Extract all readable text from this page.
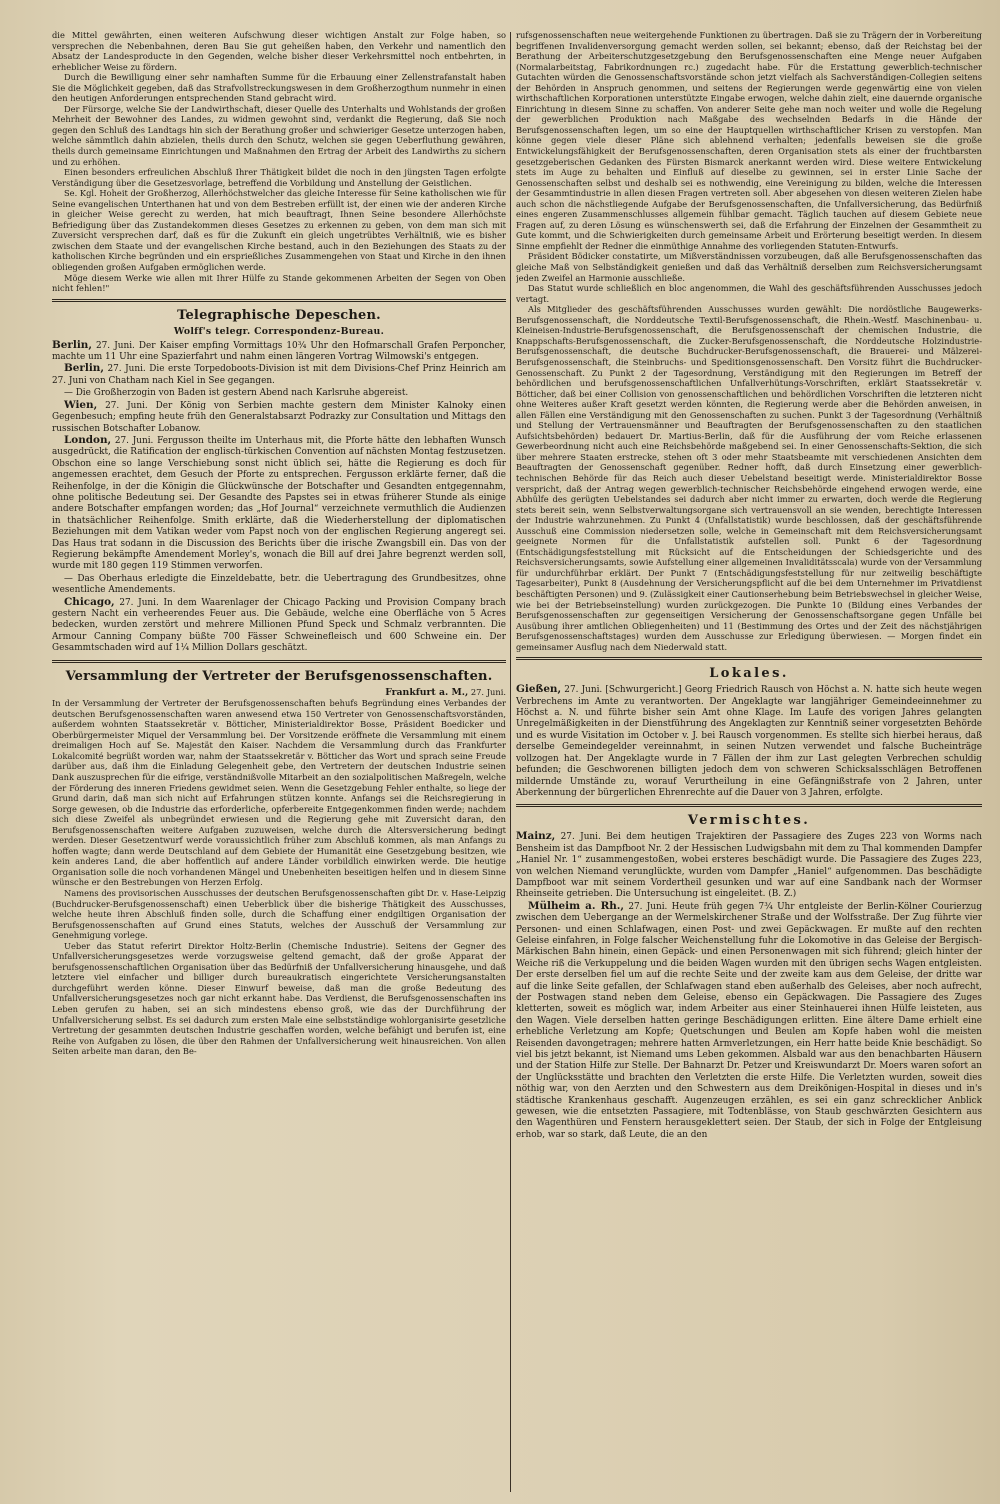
die Mittel gewährten, einen weiteren Aufschwung dieser wichtigen Anstalt zur Folge haben, so versprechen die Nebenbahnen, deren Bau Sie gut geheißen haben, den Verkehr und namentlich den Absatz der Landesproducte in den Gegenden, welche bisher dieser Verkehrsmittel noch entbehrten, in erheblicher Weise zu fördern.

Durch die Bewilligung einer sehr namhaften Summe für die Erbauung einer Zellenstrafanstalt haben Sie die Möglichkeit gegeben, daß das Strafvollstreckungswesen in dem Großherzogthum nunmehr in einen den heutigen Anforderungen entsprechenden Stand gebracht wird.

Der Fürsorge, welche Sie der Landwirthschaft, dieser Quelle des Unterhalts und Wohlstands der großen Mehrheit der Bewohner des Landes, zu widmen gewohnt sind, verdankt die Regierung, daß Sie noch gegen den Schluß des Landtags hin sich der Berathung großer und schwieriger Gesetze unterzogen haben, welche sämmtlich dahin abzielen, theils durch den Schutz, welchen sie gegen Ueberfluthung gewähren, theils durch gemeinsame Einrichtungen und Maßnahmen den Ertrag der Arbeit des Landwirths zu sichern und zu erhöhen.

Einen besonders erfreulichen Abschluß Ihrer Thätigkeit bildet die noch in den jüngsten Tagen erfolgte Verständigung über die Gesetzesvorlage, betreffend die Vorbildung und Anstellung der Geistlichen.

Se. Kgl. Hoheit der Großherzog, Allerhöchstwelcher das gleiche Interesse für Seine katholischen wie für Seine evangelischen Unterthanen hat und von dem Bestreben erfüllt ist, der einen wie der anderen Kirche in gleicher Weise gerecht zu werden, hat mich beauftragt, Ihnen Seine besondere Allerhöchste Befriedigung über das Zustandekommen dieses Gesetzes zu erkennen zu geben, von dem man sich mit Zuversicht versprechen darf, daß es für die Zukunft ein gleich ungetrübtes Verhältniß, wie es bisher zwischen dem Staate und der evangelischen Kirche bestand, auch in den Beziehungen des Staats zu der katholischen Kirche begründen und ein ersprießliches Zusammengehen von Staat und Kirche in den ihnen obliegenden großen Aufgaben ermöglichen werde.

Möge diesem Werke wie allen mit Ihrer Hülfe zu Stande gekommenen Arbeiten der Segen von Oben nicht fehlen!"

Telegraphische Depeschen.
Wolff's telegr. Correspondenz-Bureau.

Berlin, 27. Juni. Der Kaiser empfing Vormittags 10¾ Uhr den Hofmarschall Grafen Perponcher, machte um 11 Uhr eine Spazierfahrt und nahm einen längeren Vortrag Wilmowski's entgegen.

Berlin, 27. Juni. Die erste Torpedoboots-Division ist mit dem Divisions-Chef Prinz Heinrich am 27. Juni von Chatham nach Kiel in See gegangen.

— Die Großherzogin von Baden ist gestern Abend nach Karlsruhe abgereist.

Wien, 27. Juni. Der König von Serbien machte gestern dem Minister Kalnoky einen Gegenbesuch; empfing heute früh den Generalstabsarzt Podrazky zur Consultation und Mittags den russischen Botschafter Lobanow.

London, 27. Juni. Fergusson theilte im Unterhaus mit, die Pforte hätte den lebhaften Wunsch ausgedrückt, die Ratification der englisch-türkischen Convention auf nächsten Montag festzusetzen. Obschon eine so lange Verschiebung sonst nicht üblich sei, hätte die Regierung es doch für angemessen erachtet, dem Gesuch der Pforte zu entsprechen. Fergusson erklärte ferner, daß die Reihenfolge, in der die Königin die Glückwünsche der Botschafter und Gesandten entgegennahm, ohne politische Bedeutung sei. Der Gesandte des Papstes sei in etwas früherer Stunde als einige andere Botschafter empfangen worden; das „Hof Journal“ verzeichnete vermuthlich die Audienzen in thatsächlicher Reihenfolge. Smith erklärte, daß die Wiederherstellung der diplomatischen Beziehungen mit dem Vatikan weder vom Papst noch von der englischen Regierung angeregt sei. Das Haus trat sodann in die Discussion des Berichts über die irische Zwangsbill ein. Das von der Regierung bekämpfte Amendement Morley's, wonach die Bill auf drei Jahre begrenzt werden soll, wurde mit 180 gegen 119 Stimmen verworfen.

— Das Oberhaus erledigte die Einzeldebatte, betr. die Uebertragung des Grundbesitzes, ohne wesentliche Amendements.

Chicago, 27. Juni. In dem Waarenlager der Chicago Packing und Provision Company brach gestern Nacht ein verheerendes Feuer aus. Die Gebäude, welche eine Oberfläche von 5 Acres bedecken, wurden zerstört und mehrere Millionen Pfund Speck und Schmalz verbrannten. Die Armour Canning Company büßte 700 Fässer Schweinefleisch und 600 Schweine ein. Der Gesammtschaden wird auf 1¼ Million Dollars geschätzt.

Versammlung der Vertreter der Berufsgenossenschaften.
Frankfurt a. M., 27. Juni.

In der Versammlung der Vertreter der Berufsgenossenschaften behufs Begründung eines Verbandes der deutschen Berufsgenossenschaften waren anwesend etwa 150 Vertreter von Genossenschaftsvorständen, außerdem wohnten Staatssekretär v. Bötticher, Ministerialdirektor Bosse, Präsident Boedicker und Oberbürgermeister Miquel der Versammlung bei. Der Vorsitzende eröffnete die Versammlung mit einem dreimaligen Hoch auf Se. Majestät den Kaiser. Nachdem die Versammlung durch das Frankfurter Lokalcomité begrüßt worden war, nahm der Staatssekretär v. Bötticher das Wort und sprach seine Freude darüber aus, daß ihm die Einladung Gelegenheit gebe, den Vertretern der deutschen Industrie seinen Dank auszusprechen für die eifrige, verständnißvolle Mitarbeit an den sozialpolitischen Maßregeln, welche der Förderung des inneren Friedens gewidmet seien. Wenn die Gesetzgebung Fehler enthalte, so liege der Grund darin, daß man sich nicht auf Erfahrungen stützen konnte. Anfangs sei die Reichsregierung in Sorge gewesen, ob die Industrie das erforderliche, opferbereite Entgegenkommen finden werde; nachdem sich diese Zweifel als unbegründet erwiesen und die Regierung gehe mit Zuversicht daran, den Berufsgenossenschaften weitere Aufgaben zuzuweisen, welche durch die Altersversicherung bedingt werden. Dieser Gesetzentwurf werde voraussichtlich früher zum Abschluß kommen, als man Anfangs zu hoffen wagte; dann werde Deutschland auf dem Gebiete der Humanität eine Gesetzgebung besitzen, wie kein anderes Land, die aber hoffentlich auf andere Länder vorbildlich einwirken werde. Die heutige Organisation solle die noch vorhandenen Mängel und Unebenheiten beseitigen helfen und in diesem Sinne wünsche er den Bestrebungen von Herzen Erfolg.

Namens des provisorischen Ausschusses der deutschen Berufsgenossenschaften gibt Dr. v. Hase-Leipzig (Buchdrucker-Berufsgenossenschaft) einen Ueberblick über die bisherige Thätigkeit des Ausschusses, welche heute ihren Abschluß finden solle, durch die Schaffung einer endgiltigen Organisation der Berufsgenossenschaften auf Grund eines Statuts, welches der Ausschuß der Versammlung zur Genehmigung vorlege.

Ueber das Statut referirt Direktor Holtz-Berlin (Chemische Industrie). Seitens der Gegner des Unfallversicherungsgesetzes werde vorzugsweise geltend gemacht, daß der große Apparat der berufsgenossenschaftlichen Organisation über das Bedürfniß der Unfallversicherung hinausgehe, und daß letztere viel einfacher und billiger durch bureaukratisch eingerichtete Versicherungsanstalten durchgeführt werden könne. Dieser Einwurf beweise, daß man die große Bedeutung des Unfallversicherungsgesetzes noch gar nicht erkannt habe. Das Verdienst, die Berufsgenossenschaften ins Leben gerufen zu haben, sei an sich mindestens ebenso groß, wie das der Durchführung der Unfallversicherung selbst. Es sei dadurch zum ersten Male eine selbstständige wohlorganisirte gesetzliche Vertretung der gesammten deutschen Industrie geschaffen worden, welche befähigt und berufen ist, eine Reihe von Aufgaben zu lösen, die über den Rahmen der Unfallversicherung weit hinausreichen. Von allen Seiten arbeite man daran, den Be-

rufsgenossenschaften neue weitergehende Funktionen zu übertragen. Daß sie zu Trägern der in Vorbereitung begriffenen Invalidenversorgung gemacht werden sollen, sei bekannt; ebenso, daß der Reichstag bei der Berathung der Arbeiterschutzgesetzgebung den Berufsgenossenschaften eine Menge neuer Aufgaben (Normalarbeitstag, Fabrikordnungen rc.) zugedacht habe. Für die Erstattung gewerblich-technischer Gutachten würden die Genossenschaftsvorstände schon jetzt vielfach als Sachverständigen-Collegien seitens der Behörden in Anspruch genommen, und seitens der Regierungen werde gegenwärtig eine von vielen wirthschaftlichen Korporationen unterstützte Eingabe erwogen, welche dahin zielt, eine dauernde organische Einrichtung in diesem Sinne zu schaffen. Von anderer Seite gehe man noch weiter und wolle die Regelung der gewerblichen Produktion nach Maßgabe des wechselnden Bedarfs in die Hände der Berufsgenossenschaften legen, um so eine der Hauptquellen wirthschaftlicher Krisen zu verstopfen. Man könne gegen viele dieser Pläne sich ablehnend verhalten; jedenfalls beweisen sie die große Entwickelungsfähigkeit der Berufsgenossenschaften, deren Organisation stets als einer der fruchtbarsten gesetzgeberischen Gedanken des Fürsten Bismarck anerkannt werden wird. Diese weitere Entwickelung stets im Auge zu behalten und Einfluß auf dieselbe zu gewinnen, sei in erster Linie Sache der Genossenschaften selbst und deshalb sei es nothwendig, eine Vereinigung zu bilden, welche die Interessen der Gesammtindustrie in allen diesen Fragen vertreten soll. Aber abgesehen von diesen weiteren Zielen habe auch schon die nächstliegende Aufgabe der Berufsgenossenschaften, die Unfallversicherung, das Bedürfniß eines engeren Zusammenschlusses allgemein fühlbar gemacht. Täglich tauchen auf diesem Gebiete neue Fragen auf, zu deren Lösung es wünschenswerth sei, daß die Erfahrung der Einzelnen der Gesammtheit zu Gute kommt, und die Schwierigkeiten durch gemeinsame Arbeit und Erörterung beseitigt werden. In diesem Sinne empfiehlt der Redner die einmüthige Annahme des vorliegenden Statuten-Entwurfs.

Präsident Bödicker constatirte, um Mißverständnissen vorzubeugen, daß alle Berufsgenossenschaften das gleiche Maß von Selbständigkeit genießen und daß das Verhältniß derselben zum Reichsversicherungsamt jeden Zweifel an Harmonie ausschließe.

Das Statut wurde schließlich en bloc angenommen, die Wahl des geschäftsführenden Ausschusses jedoch vertagt.

Als Mitglieder des geschäftsführenden Ausschusses wurden gewählt: Die nordöstliche Baugewerks-Berufsgenossenschaft, die Norddeutsche Textil-Berufsgenossenschaft, die Rhein.-Westf. Maschinenbau- u. Kleineisen-Industrie-Berufsgenossenschaft, die Berufsgenossenschaft der chemischen Industrie, die Knappschafts-Berufsgenossenschaft, die Zucker-Berufsgenossenschaft, die Norddeutsche Holzindustrie-Berufsgenossenschaft, die deutsche Buchdrucker-Berufsgenossenschaft, die Brauerei- und Mälzerei-Berufsgenossenschaft, die Steinbruchs- und Speditionsgenossenschaft. Den Vorsitz führt die Buchdrucker-Genossenschaft. Zu Punkt 2 der Tagesordnung, Verständigung mit den Regierungen im Betreff der behördlichen und berufsgenossenschaftlichen Unfallverhütungs-Vorschriften, erklärt Staatssekretär v. Bötticher, daß bei einer Collision von genossenschaftlichen und behördlichen Vorschriften die letzteren nicht ohne Weiteres außer Kraft gesetzt werden könnten, die Regierung werde aber die Behörden anweisen, in allen Fällen eine Verständigung mit den Genossenschaften zu suchen. Punkt 3 der Tagesordnung (Verhältniß und Stellung der Vertrauensmänner und Beauftragten der Berufsgenossenschaften zu den staatlichen Aufsichtsbehörden) bedauert Dr. Martius-Berlin, daß für die Ausführung der vom Reiche erlassenen Gewerbeordnung nicht auch eine Reichsbehörde maßgebend sei. In einer Genossenschafts-Sektion, die sich über mehrere Staaten erstrecke, stehen oft 3 oder mehr Staatsbeamte mit verschiedenen Ansichten dem Beauftragten der Genossenschaft gegenüber. Redner hofft, daß durch Einsetzung einer gewerblich-technischen Behörde für das Reich auch dieser Uebelstand beseitigt werde. Ministerialdirektor Bosse verspricht, daß der Antrag wegen gewerblich-technischer Reichsbehörde eingehend erwogen werde, eine Abhülfe des gerügten Uebelstandes sei dadurch aber nicht immer zu erwarten, doch werde die Regierung stets bereit sein, wenn Selbstverwaltungsorgane sich vertrauensvoll an sie wenden, berechtigte Interessen der Industrie wahrzunehmen. Zu Punkt 4 (Unfallstatistik) wurde beschlossen, daß der geschäftsführende Ausschuß eine Commission niedersetzen solle, welche in Gemeinschaft mit dem Reichsversicherungsamt geeignete Normen für die Unfallstatistik aufstellen soll. Punkt 6 der Tagesordnung (Entschädigungsfeststellung mit Rücksicht auf die Entscheidungen der Schiedsgerichte und des Reichsversicherungsamts, sowie Aufstellung einer allgemeinen Invaliditätsscala) wurde von der Versammlung für undurchführbar erklärt. Der Punkt 7 (Entschädigungsfeststellung für nur zeitweilig beschäftigte Tagesarbeiter), Punkt 8 (Ausdehnung der Versicherungspflicht auf die bei dem Unternehmer im Privatdienst beschäftigten Personen) und 9. (Zulässigkeit einer Cautionserhebung beim Betriebswechsel in gleicher Weise, wie bei der Betriebseinstellung) wurden zurückgezogen. Die Punkte 10 (Bildung eines Verbandes der Berufsgenossenschaften zur gegenseitigen Versicherung der Genossenschaftsorgane gegen Unfälle bei Ausübung ihrer amtlichen Obliegenheiten) und 11 (Bestimmung des Ortes und der Zeit des nächstjährigen Berufsgenossenschaftstages) wurden dem Ausschusse zur Erledigung überwiesen. — Morgen findet ein gemeinsamer Ausflug nach dem Niederwald statt.

Lokales.

Gießen, 27. Juni. [Schwurgericht.] Georg Friedrich Rausch von Höchst a. N. hatte sich heute wegen Verbrechens im Amte zu verantworten. Der Angeklagte war langjähriger Gemeindeeinnehmer zu Höchst a. N. und führte bisher sein Amt ohne Klage. Im Laufe des vorigen Jahres gelangten Unregelmäßigkeiten in der Dienstführung des Angeklagten zur Kenntniß seiner vorgesetzten Behörde und es wurde Visitation im October v. J. bei Rausch vorgenommen. Es stellte sich hierbei heraus, daß derselbe Gemeindegelder vereinnahmt, in seinen Nutzen verwendet und falsche Bucheinträge vollzogen hat. Der Angeklagte wurde in 7 Fällen der ihm zur Last gelegten Verbrechen schuldig befunden; die Geschworenen billigten jedoch dem von schweren Schicksalsschlägen Betroffenen mildernde Umstände zu, worauf Verurtheilung in eine Gefängnißstrafe von 2 Jahren, unter Aberkennung der bürgerlichen Ehrenrechte auf die Dauer von 3 Jahren, erfolgte.

Vermischtes.

Mainz, 27. Juni. Bei dem heutigen Trajektiren der Passagiere des Zuges 223 von Worms nach Bensheim ist das Dampfboot Nr. 2 der Hessischen Ludwigsbahn mit dem zu Thal kommenden Dampfer „Haniel Nr. 1“ zusammengestoßen, wobei ersteres beschädigt wurde. Die Passagiere des Zuges 223, von welchen Niemand verunglückte, wurden vom Dampfer „Haniel“ aufgenommen. Das beschädigte Dampfboot war mit seinem Vordertheil gesunken und war auf eine Sandbank nach der Wormser Rheinseite getrieben. Die Untersuchung ist eingeleitet. (B. Z.)

Mülheim a. Rh., 27. Juni. Heute früh gegen 7¾ Uhr entgleiste der Berlin-Kölner Courierzug zwischen dem Uebergange an der Wermelskirchener Straße und der Wolfsstraße. Der Zug führte vier Personen- und einen Schlafwagen, einen Post- und zwei Gepäckwagen. Er mußte auf den rechten Geleise einfahren, in Folge falscher Weichenstellung fuhr die Lokomotive in das Geleise der Bergisch-Märkischen Bahn hinein, einen Gepäck- und einen Personenwagen mit sich führend; gleich hinter der Weiche riß die Verkuppelung und die beiden Wagen wurden mit den übrigen sechs Wagen entgleisten. Der erste derselben fiel um auf die rechte Seite und der zweite kam aus dem Geleise, der dritte war auf die linke Seite gefallen, der Schlafwagen stand eben außerhalb des Geleises, aber noch aufrecht, der Postwagen stand neben dem Geleise, ebenso ein Gepäckwagen. Die Passagiere des Zuges kletterten, soweit es möglich war, indem Arbeiter aus einer Steinhauerei ihnen Hülfe leisteten, aus den Wagen. Viele derselben hatten geringe Beschädigungen erlitten. Eine ältere Dame erhielt eine erhebliche Verletzung am Kopfe; Quetschungen und Beulen am Kopfe haben wohl die meisten Reisenden davongetragen; mehrere hatten Armverletzungen, ein Herr hatte beide Knie beschädigt. So viel bis jetzt bekannt, ist Niemand ums Leben gekommen. Alsbald war aus den benachbarten Häusern und der Station Hilfe zur Stelle. Der Bahnarzt Dr. Petzer und Kreiswundarzt Dr. Moers waren sofort an der Unglücksstätte und brachten den Verletzten die erste Hilfe. Die Verletzten wurden, soweit dies nöthig war, von den Aerzten und den Schwestern aus dem Dreikönigen-Hospital in dieses und in's städtische Krankenhaus geschafft. Augenzeugen erzählen, es sei ein ganz schrecklicher Anblick gewesen, wie die entsetzten Passagiere, mit Todtenblässe, von Staub geschwärzten Gesichtern aus den Wagenthüren und Fenstern herausgeklettert seien. Der Staub, der sich in Folge der Entgleisung erhob, war so stark, daß Leute, die an den
